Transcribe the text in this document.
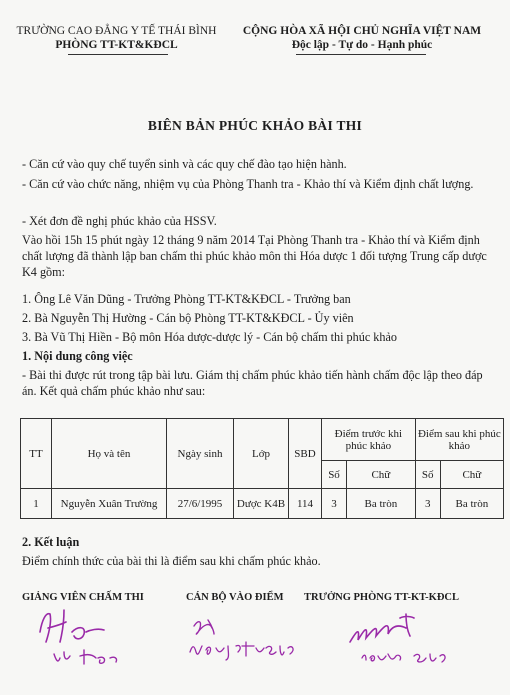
TRƯỜNG CAO ĐẲNG Y TẾ THÁI BÌNH
PHÒNG TT-KT&KĐCL
CỘNG HÒA XÃ HỘI CHỦ NGHĨA VIỆT NAM
Độc lập - Tự do - Hạnh phúc
BIÊN BẢN PHÚC KHẢO BÀI THI
- Căn cứ vào quy chế tuyển sinh và các quy chế đào tạo hiện hành.
- Căn cứ vào chức năng, nhiệm vụ của Phòng Thanh tra - Khảo thí và Kiểm định chất lượng.
- Xét đơn đề nghị phúc khảo của HSSV.
Vào hồi 15h 15 phút ngày 12 tháng 9 năm 2014 Tại Phòng Thanh tra - Khảo thí và Kiểm định chất lượng đã thành lập ban chấm thi phúc khảo môn thi Hóa dược 1 đối tượng Trung cấp dược K4 gồm:
1. Ông Lê Văn Dũng - Trưởng Phòng TT-KT&KĐCL - Trưởng ban
2. Bà Nguyễn Thị Hường - Cán bộ Phòng TT-KT&KĐCL - Ủy viên
3. Bà Vũ Thị Hiền - Bộ môn Hóa dược-dược lý - Cán bộ chấm thi phúc khảo
1. Nội dung công việc
- Bài thi được rút trong tập bài lưu. Giám thị chấm phúc khảo tiến hành chấm độc lập theo đáp án. Kết quả chấm phúc khảo như sau:
TT	Họ và tên	Ngày sinh	Lớp	SBD	Điểm trước khi phúc khảo		Điểm sau khi phúc khảo	
					Số	Chữ	Số	Chữ
1	Nguyễn Xuân Trường	27/6/1995	Dược K4B	114	3	Ba tròn	3	Ba tròn
2. Kết luận
Điểm chính thức của bài thi là điểm sau khi chấm phúc khảo.
GIẢNG VIÊN CHẤM THI	CÁN BỘ VÀO ĐIỂM TRƯỞNG PHÒNG TT-KT-KĐCL
